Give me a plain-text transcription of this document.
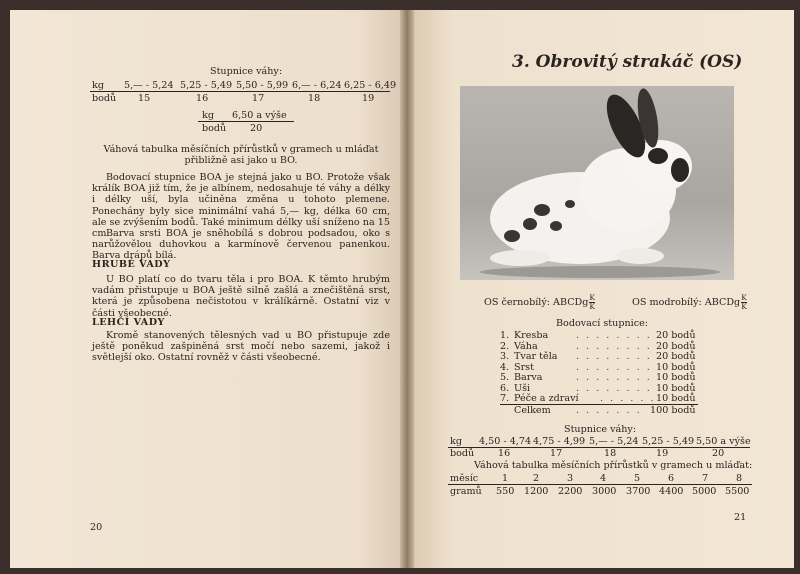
Stupnice váhy:
kg 5,— - 5,24 5,25 - 5,49 5,50 - 5,99 6,— - 6,24 6,25 - 6,49
bodů 15	16	17	18	19
kg 6,50 a výše
bodů 20
Váhová tabulka měsíčních přírůstků v gramech u mláďat přibližně asi jako u BO.
Bodovací stupnice BOA je stejná jako u BO. Protože však králík BOA již tím, že je albínem, nedosahuje té váhy a délky i délky uší, byla učiněna změna u tohoto plemene. Ponechány byly sice minimální vahá 5,— kg, délka 60 cm, ale se zvýšením bodů. Také minimum délky uší sníženo na 15 cm.
Barva srsti BOA je sněhobílá s dobrou podsadou, oko s narůžovělou duhovkou a karmínově červenou panenkou. Barva drápů bílá.
HRUBÉ VADY
U BO platí co do tvaru těla i pro BOA. K těmto hrubým vadám přistupuje u BOA ještě silně zašlá a znečištěná srst, která je způsobena nečistotou v králíkárně. Ostatní viz v části všeobecné.
LEHČÍ VADY
Kromě stanovených tělesných vad u BO přistupuje zde ještě poněkud zašpiněná srst močí nebo sazemi, jakož i světlejší oko. Ostatní rovněž v části všeobecné.
20
3. Obrovitý strakáč (OS)
OS černobílý: ABCDg $\frac{K}{K}$	OS modrobílý: ABCDg $\frac{K}{K}$
Bodovací stupnice:
1. Kresba	. . . . . . . . 20 bodů
2. Váha	. . . . . . . . 20 bodů
3. Tvar těla . . . . . . . . 20 bodů
4. Srst	. . . . . . . . 10 bodů
5. Barva	. . . . . . . . 10 bodů
6. Uši	. . . . . . . . 10 bodů
7. Péče a zdraví . . . . . . 10 bodů
Celkem	. . . . . . . 100 bodů
Stupnice váhy:
kg 4,50 - 4,74 4,75 - 4,99 5,— - 5,24 5,25 - 5,49 5,50 a výše
bodů 16	17	18	19	20
Váhová tabulka měsíčních přírůstků v gramech u mláďat:
měsíc 1	2	3	4	5	6	7	8
gramů 550 1200 2200 3000 3700 4400 5000 5500
21
